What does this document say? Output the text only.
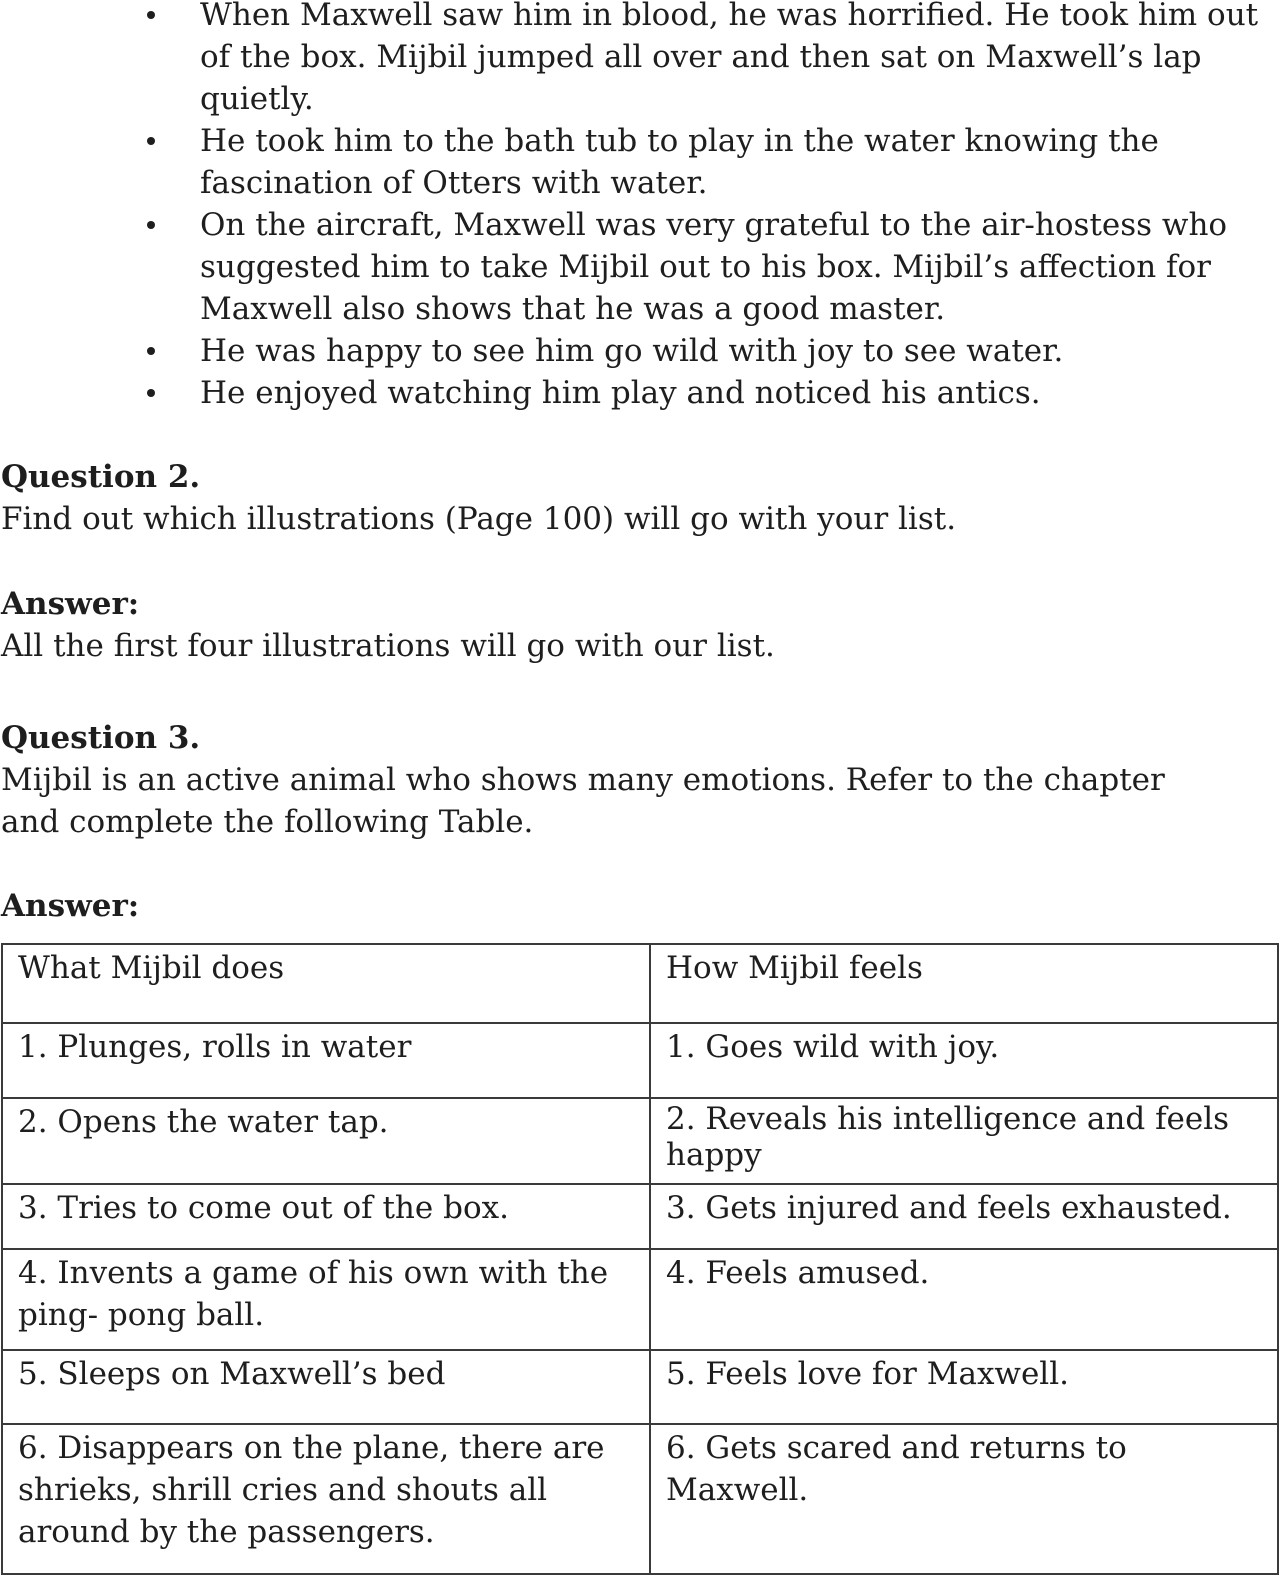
When Maxwell saw him in blood, he was horrified. He took him out of the box. Mijbil jumped all over and then sat on Maxwell’s lap quietly.
He took him to the bath tub to play in the water knowing the fascination of Otters with water.
On the aircraft, Maxwell was very grateful to the air-hostess who suggested him to take Mijbil out to his box. Mijbil’s affection for Maxwell also shows that he was a good master.
He was happy to see him go wild with joy to see water.
He enjoyed watching him play and noticed his antics.
Question 2.
Find out which illustrations (Page 100) will go with your list.
Answer:
All the first four illustrations will go with our list.
Question 3.
Mijbil is an active animal who shows many emotions. Refer to the chapter and complete the following Table.
Answer:
What Mijbil does	How Mijbil feels
1. Plunges, rolls in water	1. Goes wild with joy.
2. Opens the water tap.	2. Reveals his intelligence and feels happy
3. Tries to come out of the box.	3. Gets injured and feels exhausted.
4. Invents a game of his own with the ping- pong ball.	4. Feels amused.
5. Sleeps on Maxwell’s bed	5. Feels love for Maxwell.
6. Disappears on the plane, there are shrieks, shrill cries and shouts all around by the passengers.	6. Gets scared and returns to Maxwell.
